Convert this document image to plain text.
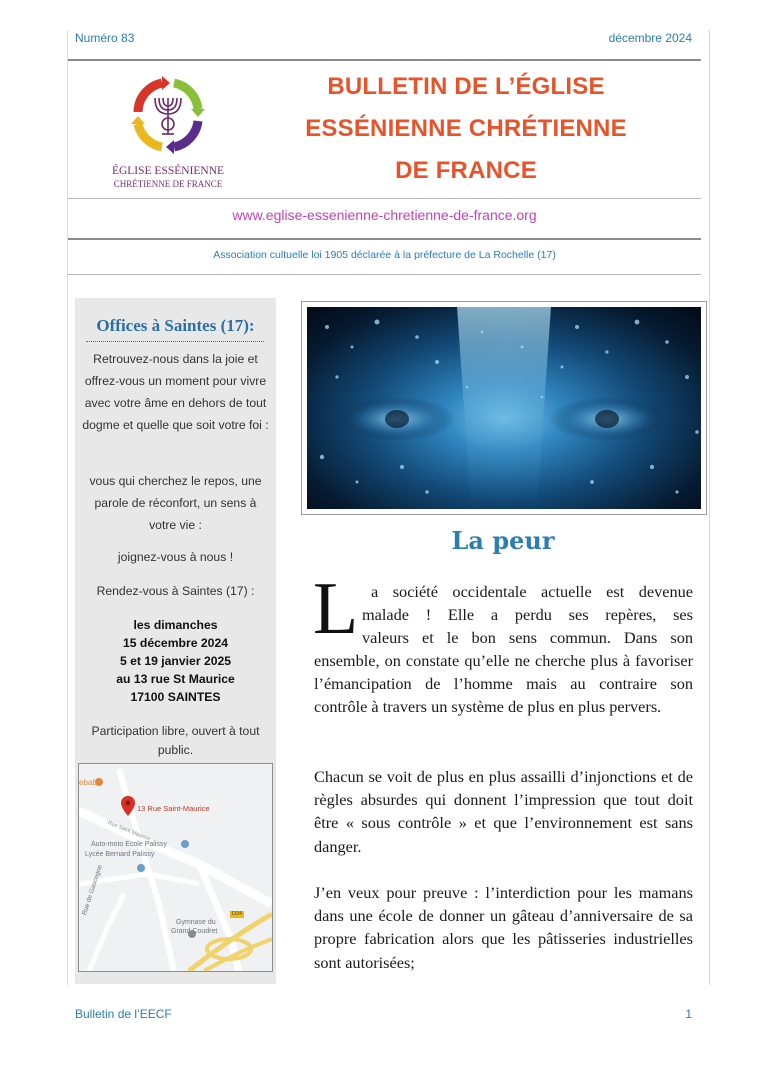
Numéro 83	décembre 2024
ÉGLISE ESSÉNIENNE
CHRÉTIENNE DE FRANCE
BULLETIN DE L’ÉGLISE
ESSÉNIENNE CHRÉTIENNE
DE FRANCE
www.eglise-essenienne-chretienne-de-france.org
Association cultuelle loi 1905 déclarée à la préfecture de La Rochelle (17)
Offices à Saintes (17):
Retrouvez-nous dans la joie et offrez-vous un moment pour vivre avec votre âme en dehors de tout dogme et quelle que soit votre foi :
vous qui cherchez le repos, une parole de réconfort, un sens à votre vie :
joignez-vous à nous !
Rendez-vous à Saintes (17) :
les dimanches
15 décembre 2024
5 et 19 janvier 2025
au 13 rue St Maurice
17100 SAINTES
Participation libre, ouvert à tout public.
ebab
13 Rue Saint-Maurice
Auto-moto Ecole Palissy
Lycée Bernard Palissy
Rue de Gascogne
Gymnase du
Grand Coudret
D24
Rue Saint Maurice
La peur
L a société occidentale actuelle est devenue
malade ! Elle a perdu ses repères, ses
valeurs et le bon sens commun. Dans son
ensemble, on constate qu’elle ne cherche plus à favoriser l’émancipation de l’homme mais au contraire son contrôle à travers un système de plus en plus pervers.
Chacun se voit de plus en plus assailli d’injonctions et de règles absurdes qui donnent l’impression que tout doit être « sous contrôle » et que l’environnement est sans danger.
J’en veux pour preuve : l’interdiction pour les mamans dans une école de donner un gâteau d’anniversaire de sa propre fabrication alors que les pâtisseries industrielles sont autorisées;
Bulletin de l’EECF	1
